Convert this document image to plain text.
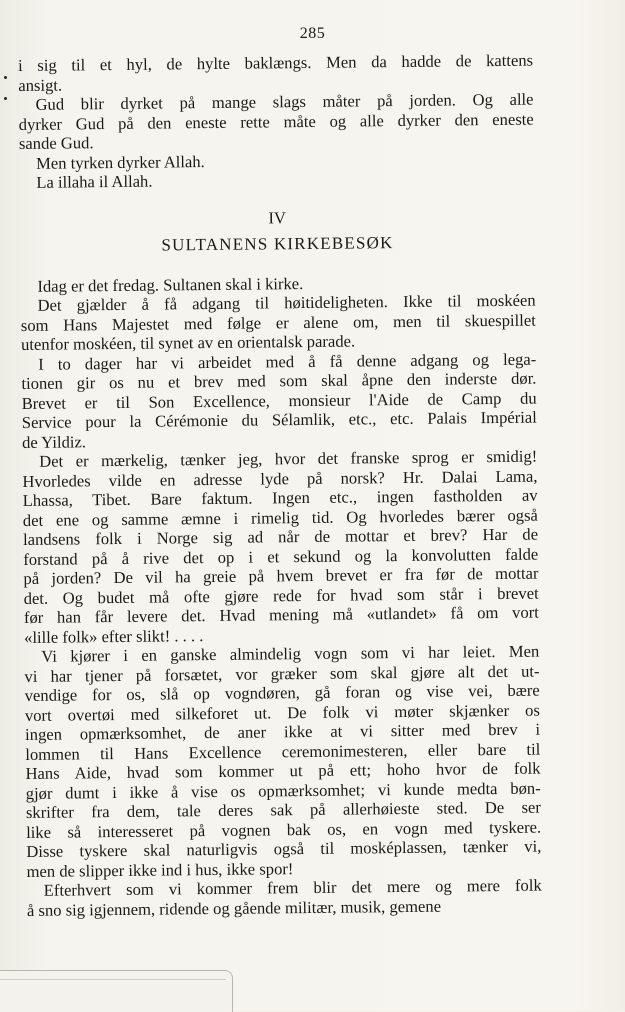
285
i sig til et hyl, de hylte baklængs. Men da hadde de kattens
ansigt.
Gud blir dyrket på mange slags måter på jorden. Og alle
dyrker Gud på den eneste rette måte og alle dyrker den eneste
sande Gud.
Men tyrken dyrker Allah.
La illaha il Allah.
IV
SULTANENS KIRKEBESØK
Idag er det fredag. Sultanen skal i kirke.
Det gjælder å få adgang til høitideligheten. Ikke til moskéen
som Hans Majestet med følge er alene om, men til skuespillet
utenfor moskéen, til synet av en orientalsk parade.
I to dager har vi arbeidet med å få denne adgang og lega-
tionen gir os nu et brev med som skal åpne den inderste dør.
Brevet er til Son Excellence, monsieur l'Aide de Camp du
Service pour la Cérémonie du Sélamlik, etc., etc. Palais Impérial
de Yildiz.
Det er mærkelig, tænker jeg, hvor det franske sprog er smidig!
Hvorledes vilde en adresse lyde på norsk? Hr. Dalai Lama,
Lhassa, Tibet. Bare faktum. Ingen etc., ingen fastholden av
det ene og samme æmne i rimelig tid. Og hvorledes bærer også
landsens folk i Norge sig ad når de mottar et brev? Har de
forstand på å rive det op i et sekund og la konvolutten falde
på jorden? De vil ha greie på hvem brevet er fra før de mottar
det. Og budet må ofte gjøre rede for hvad som står i brevet
før han får levere det. Hvad mening må «utlandet» få om vort
«lille folk» efter slikt! . . . .
Vi kjører i en ganske almindelig vogn som vi har leiet. Men
vi har tjener på forsætet, vor græker som skal gjøre alt det ut-
vendige for os, slå op vogndøren, gå foran og vise vei, bære
vort overtøi med silkeforet ut. De folk vi møter skjænker os
ingen opmærksomhet, de aner ikke at vi sitter med brev i
lommen til Hans Excellence ceremonimesteren, eller bare til
Hans Aide, hvad som kommer ut på ett; hoho hvor de folk
gjør dumt i ikke å vise os opmærksomhet; vi kunde medta bøn-
skrifter fra dem, tale deres sak på allerhøieste sted. De ser
like så interesseret på vognen bak os, en vogn med tyskere.
Disse tyskere skal naturligvis også til mosképlassen, tænker vi,
men de slipper ikke ind i hus, ikke spor!
Efterhvert som vi kommer frem blir det mere og mere folk
å sno sig igjennem, ridende og gående militær, musik, gemene
